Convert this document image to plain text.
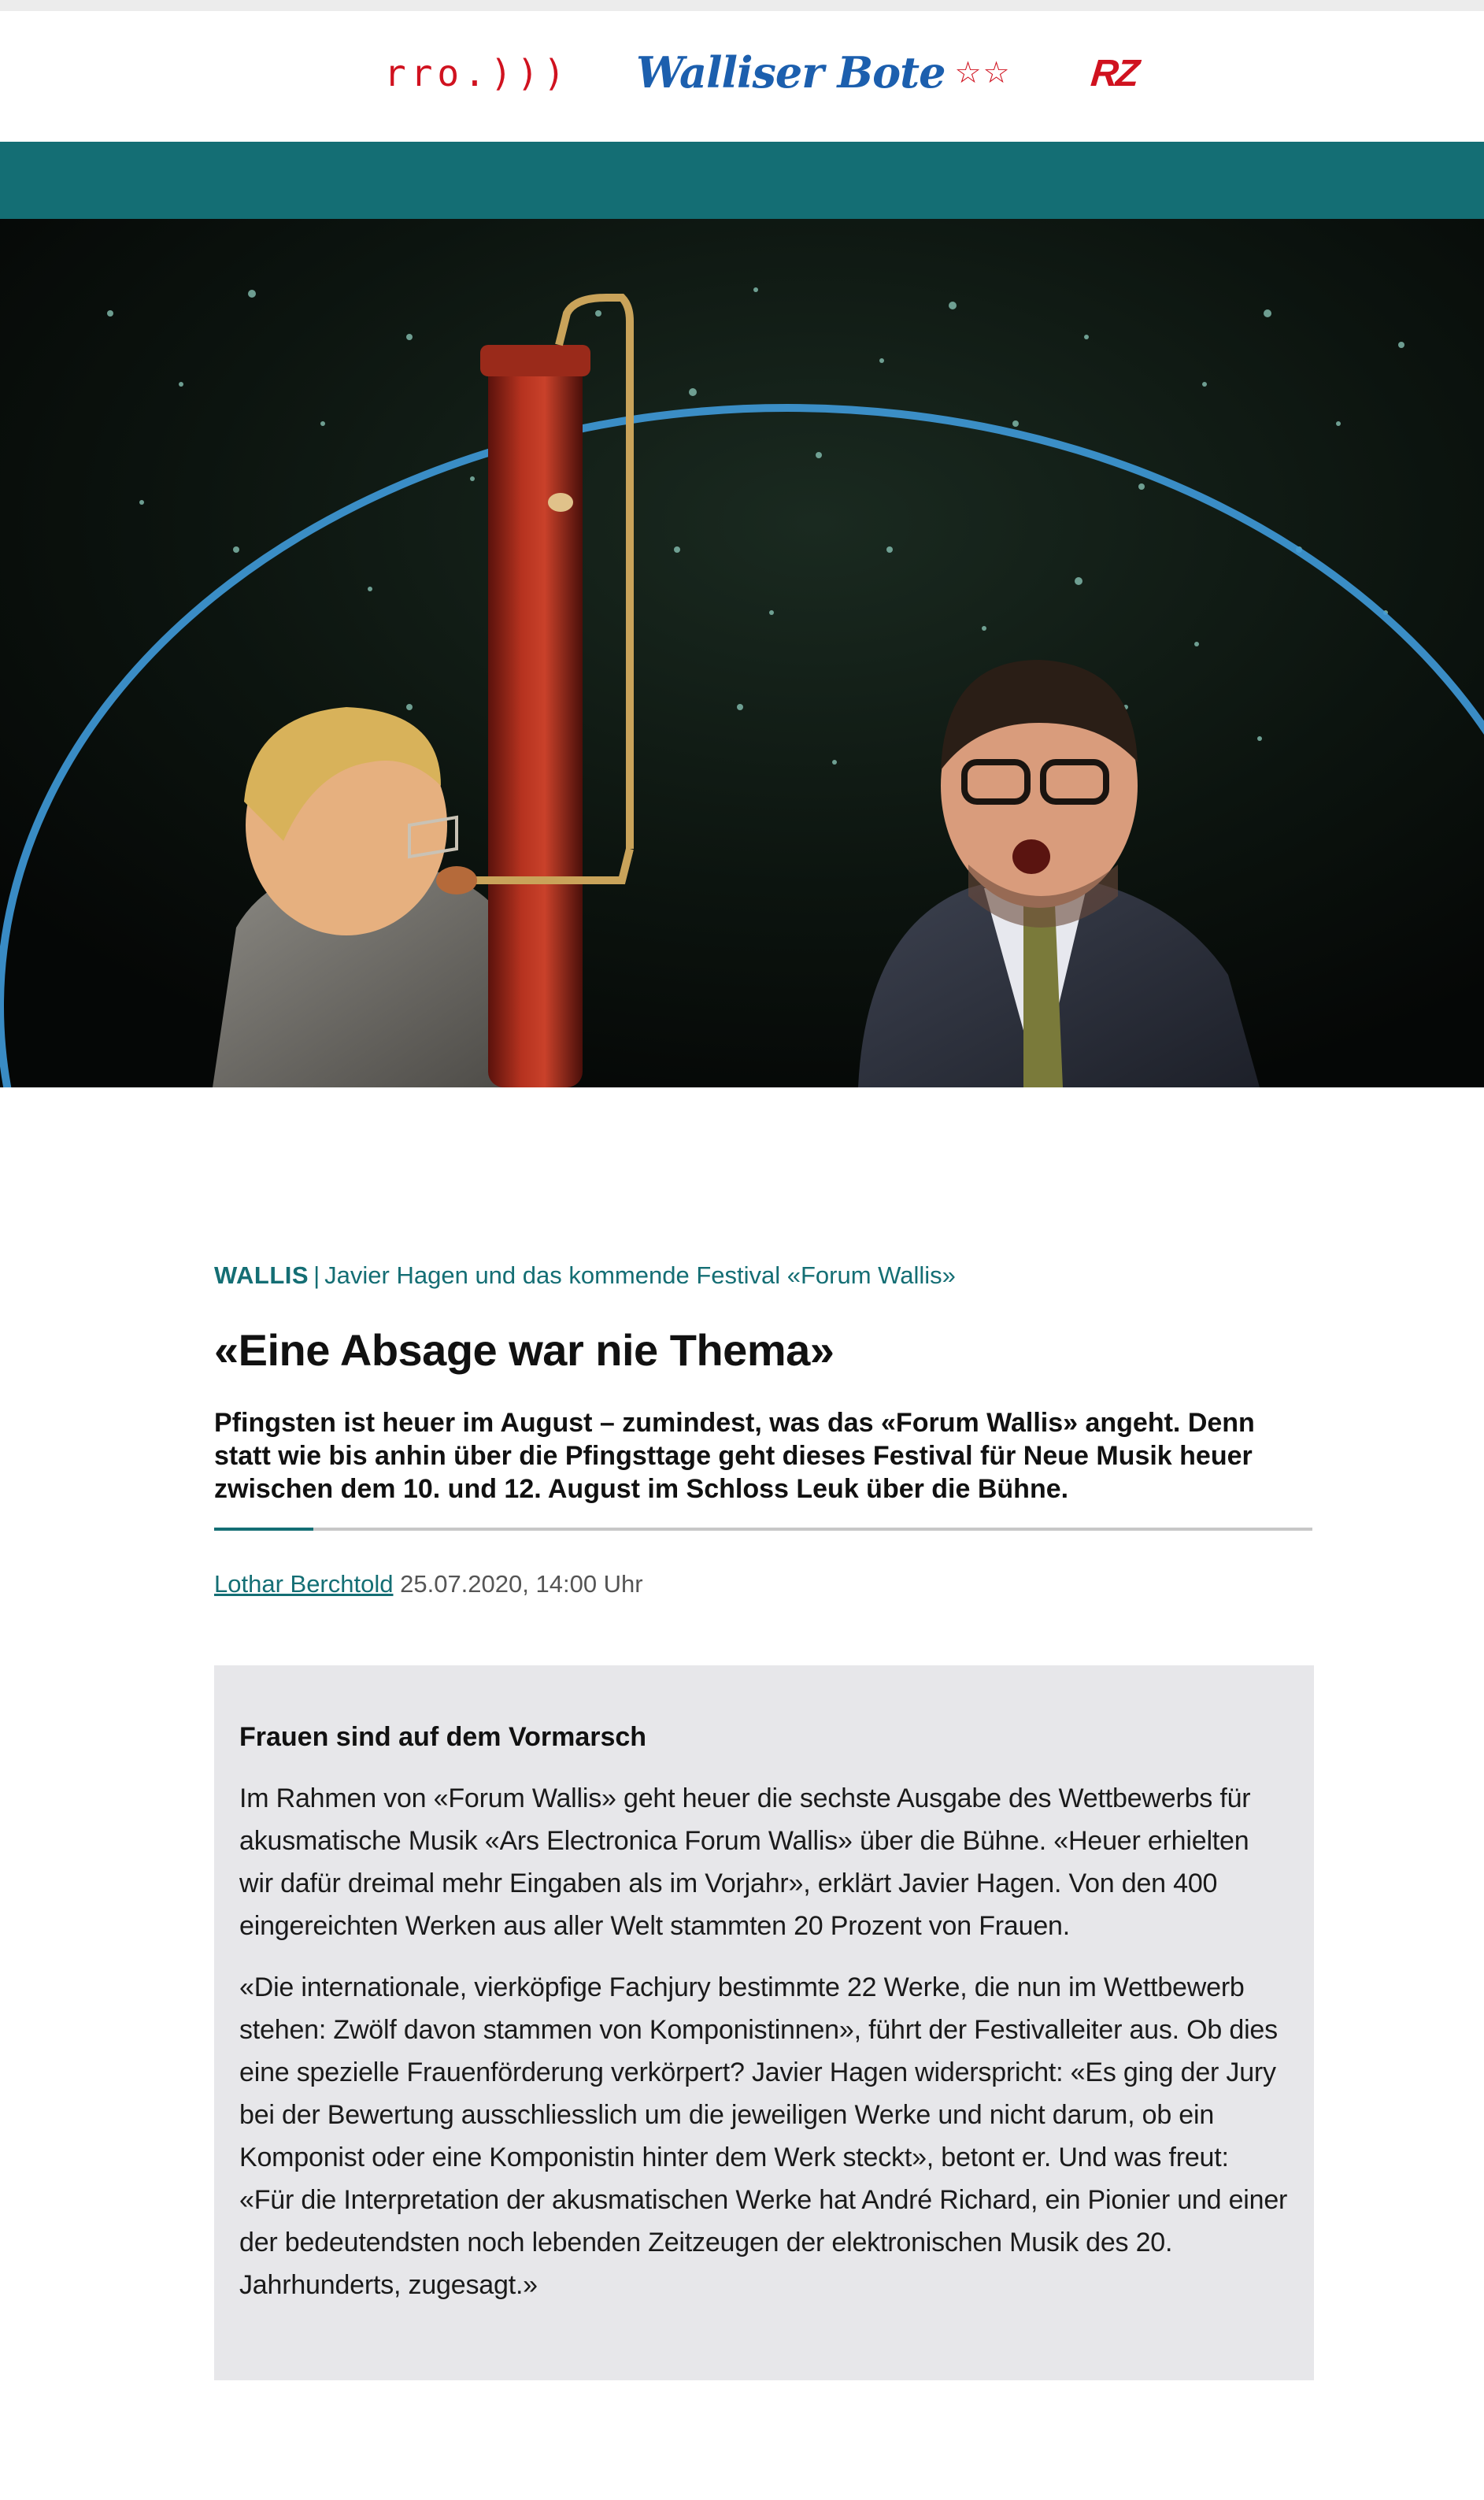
rro.))) Walliser Bote ☆☆ RZ
WALLIS | Javier Hagen und das kommende Festival «Forum Wallis»
«Eine Absage war nie Thema»
Pfingsten ist heuer im August – zumindest, was das «Forum Wallis» angeht. Denn statt wie bis anhin über die Pfingsttage geht dieses Festival für Neue Musik heuer zwischen dem 10. und 12. August im Schloss Leuk über die Bühne.
Lothar Berchtold 25.07.2020, 14:00 Uhr
Frauen sind auf dem Vormarsch

Im Rahmen von «Forum Wallis» geht heuer die sechste Ausgabe des Wettbewerbs für akusmatische Musik «Ars Electronica Forum Wallis» über die Bühne. «Heuer erhielten wir dafür dreimal mehr Eingaben als im Vorjahr», erklärt Javier Hagen. Von den 400 eingereichten Werken aus aller Welt stammten 20 Prozent von Frauen.

«Die internationale, vierköpfige Fachjury bestimmte 22 Werke, die nun im Wettbewerb stehen: Zwölf davon stammen von Komponistinnen», führt der Festivalleiter aus. Ob dies eine spezielle Frauenförderung verkörpert? Javier Hagen widerspricht: «Es ging der Jury bei der Bewertung ausschliesslich um die jeweiligen Werke und nicht darum, ob ein Komponist oder eine Komponistin hinter dem Werk steckt», betont er. Und was freut: «Für die Interpretation der akusmatischen Werke hat André Richard, ein Pionier und einer der bedeutendsten noch lebenden Zeitzeugen der elektronischen Musik des 20. Jahrhunderts, zugesagt.»
